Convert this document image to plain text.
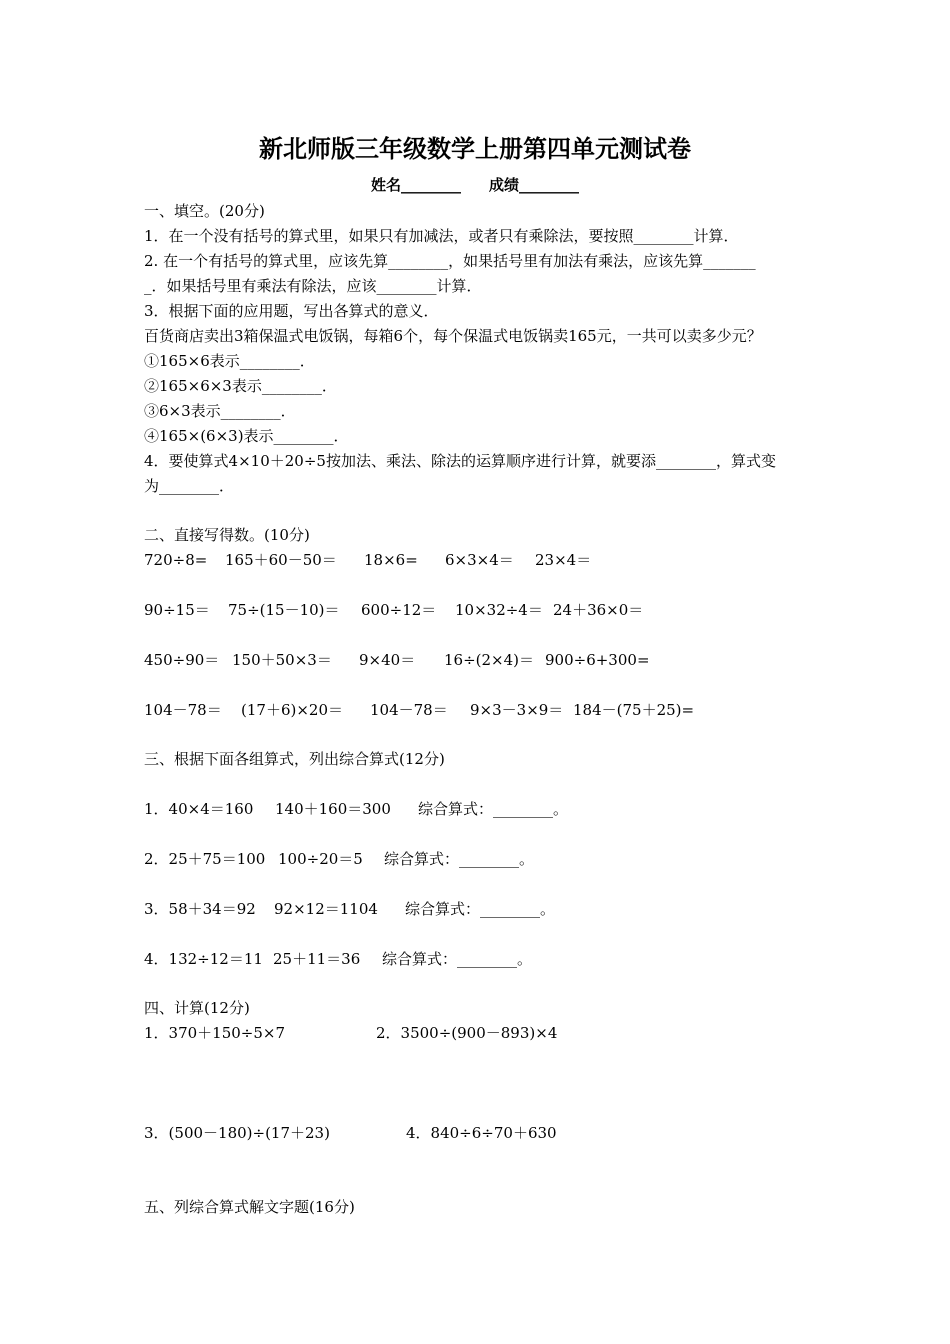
新北师版三年级数学上册第四单元测试卷
姓名________ 成绩________
一、填空。(20分)
1．在一个没有括号的算式里，如果只有加减法，或者只有乘除法，要按照________计算．
2. 在一个有括号的算式里，应该先算________，如果括号里有加法有乘法，应该先算_______
_．如果括号里有乘法有除法，应该________计算．
3．根据下面的应用题，写出各算式的意义．
百货商店卖出3箱保温式电饭锅，每箱6个，每个保温式电饭锅卖165元，一共可以卖多少元？
①165×6表示________．
②165×6×3表示________．
③6×3表示________．
④165×(6×3)表示________．
4．要使算式4×10＋20÷5按加法、乘法、除法的运算顺序进行计算，就要添________，算式变
为________．
二、直接写得数。(10分)
720÷8= 165＋60－50＝ 18×6= 6×3×4＝ 23×4＝
90÷15＝ 75÷(15－10)＝ 600÷12＝ 10×32÷4＝ 24＋36×0＝
450÷90＝ 150＋50×3＝ 9×40＝ 16÷(2×4)＝ 900÷6+300=
104－78＝ (17＋6)×20＝ 104－78＝ 9×3－3×9＝ 184－(75＋25)=
三、根据下面各组算式，列出综合算式(12分)
1．40×4＝160 140＋160＝300 综合算式：________。
2．25＋75＝100 100÷20＝5 综合算式：________。
3．58＋34＝92 92×12＝1104 综合算式：________。
4．132÷12＝11 25＋11＝36 综合算式：________。
四、计算(12分)
1．370＋150÷5×7	2．3500÷(900－893)×4
3．(500－180)÷(17＋23)	4．840÷6÷70＋630
五、列综合算式解文字题(16分)
